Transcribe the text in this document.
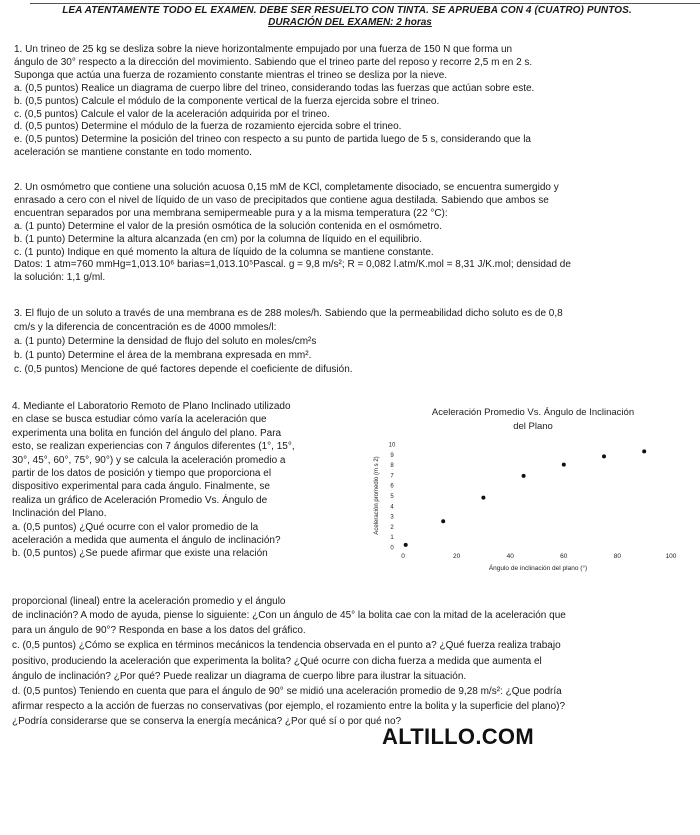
LEA ATENTAMENTE TODO EL EXAMEN. DEBE SER RESUELTO CON TINTA. SE APRUEBA CON 4 (CUATRO) PUNTOS.
DURACIÓN DEL EXAMEN: 2 horas

1. Un trineo de 25 kg se desliza sobre la nieve horizontalmente empujado por una fuerza de 150 N que forma un

ángulo de 30° respecto a la dirección del movimiento. Sabiendo que el trineo parte del reposo y recorre 2,5 m en 2 s.

Suponga que actúa una fuerza de rozamiento constante mientras el trineo se desliza por la nieve.

a. (0,5 puntos) Realice un diagrama de cuerpo libre del trineo, considerando todas las fuerzas que actúan sobre este.

b. (0,5 puntos) Calcule el módulo de la componente vertical de la fuerza ejercida sobre el trineo.

c. (0,5 puntos) Calcule el valor de la aceleración adquirida por el trineo.

d. (0,5 puntos) Determine el módulo de la fuerza de rozamiento ejercida sobre el trineo.

e. (0,5 puntos) Determine la posición del trineo con respecto a su punto de partida luego de 5 s, considerando que la

aceleración se mantiene constante en todo momento.

2. Un osmómetro que contiene una solución acuosa 0,15 mM de KCl, completamente disociado, se encuentra sumergido y

enrasado a cero con el nivel de líquido de un vaso de precipitados que contiene agua destilada. Sabiendo que ambos se

encuentran separados por una membrana semipermeable pura y a la misma temperatura (22 °C):

a. (1 punto) Determine el valor de la presión osmótica de la solución contenida en el osmómetro.

b. (1 punto) Determine la altura alcanzada (en cm) por la columna de líquido en el equilibrio.

c. (1 punto) Indique en qué momento la altura de líquido de la columna se mantiene constante.

Datos: 1 atm=760 mmHg=1,013.10⁶ barias=1,013.10⁵Pascal. g = 9,8 m/s²; R = 0,082 l.atm/K.mol = 8,31 J/K.mol; densidad de

la solución: 1,1 g/ml.

3. El flujo de un soluto a través de una membrana es de 288 moles/h. Sabiendo que la permeabilidad dicho soluto es de 0,8

cm/s y la diferencia de concentración es de 4000 mmoles/l:

a. (1 punto) Determine la densidad de flujo del soluto en moles/cm²s

b. (1 punto) Determine el área de la membrana expresada en mm².

c. (0,5 puntos) Mencione de qué factores depende el coeficiente de difusión.

4. Mediante el Laboratorio Remoto de Plano Inclinado utilizado

en clase se busca estudiar cómo varía la aceleración que

experimenta una bolita en función del ángulo del plano. Para

esto, se realizan experiencias con 7 ángulos diferentes (1°, 15°,

30°, 45°, 60°, 75°, 90°) y se calcula la aceleración promedio a

partir de los datos de posición y tiempo que proporciona el

dispositivo experimental para cada ángulo. Finalmente, se

realiza un gráfico de Aceleración Promedio Vs. Ángulo de

Inclinación del Plano.

a. (0,5 puntos) ¿Qué ocurre con el valor promedio de la

aceleración a medida que aumenta el ángulo de inclinación?

b. (0,5 puntos) ¿Se puede afirmar que existe una relación

proporcional (lineal) entre la aceleración promedio y el ángulo

de inclinación? A modo de ayuda, piense lo siguiente: ¿Con un ángulo de 45° la bolita cae con la mitad de la aceleración que

para un ángulo de 90°? Responda en base a los datos del gráfico.

c. (0,5 puntos) ¿Cómo se explica en términos mecánicos la tendencia observada en el punto a? ¿Qué fuerza realiza trabajo

positivo, produciendo la aceleración que experimenta la bolita? ¿Qué ocurre con dicha fuerza a medida que aumenta el

ángulo de inclinación? ¿Por qué? Puede realizar un diagrama de cuerpo libre para ilustrar la situación.

d. (0,5 puntos) Teniendo en cuenta que para el ángulo de 90° se midió una aceleración promedio de 9,28 m/s²: ¿Que podría

afirmar respecto a la acción de fuerzas no conservativas (por ejemplo, el rozamiento entre la bolita y la superficie del plano)?

¿Podría considerarse que se conserva la energía mecánica? ¿Por qué sí o por qué no?

Aceleración Promedio Vs. Ángulo de Inclinación
del Plano
0
1
2
3
4
5
6
7
8
9
10
0	20	40	60	80	100
Aceleración promedio (m s 2)
Ángulo de inclinación del plano (°)
ALTILLO.COM
